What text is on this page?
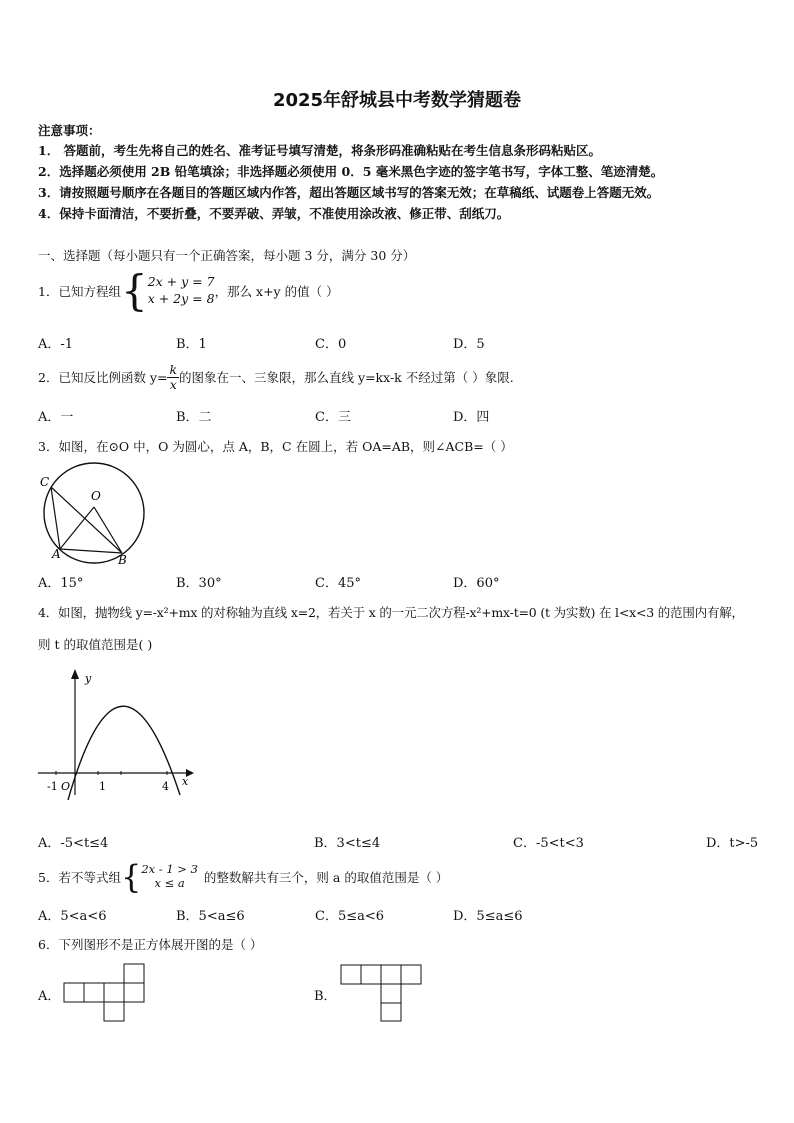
2025年舒城县中考数学猜题卷
注意事项：
1． 答题前，考生先将自己的姓名、准考证号填写清楚，将条形码准确粘贴在考生信息条形码粘贴区。
2．选择题必须使用 2B 铅笔填涂；非选择题必须使用 0．5 毫米黑色字迹的签字笔书写，字体工整、笔迹清楚。
3．请按照题号顺序在各题目的答题区域内作答，超出答题区域书写的答案无效；在草稿纸、试题卷上答题无效。
4．保持卡面清洁，不要折叠，不要弄破、弄皱，不准使用涂改液、修正带、刮纸刀。
一、选择题（每小题只有一个正确答案，每小题 3 分，满分 30 分）
1．已知方程组 { 2x + y = 7
x + 2y = 8 ，那么 x+y 的值（ ）
A．-1	B．1	C．0	D．5
2．已知反比例函数 $y= \frac{k}{x}$ 的图象在一、三象限，那么直线 y=kx-k 不经过第（ ）象限.
A．一	B．二	C．三	D．四
3．如图，在⊙O 中，O 为圆心，点 A，B，C 在圆上，若 OA=AB，则∠ACB=（ ）
C
O
A	B
A．15°	B．30°	C．45°	D．60°
4．如图，抛物线 y=-x²+mx 的对称轴为直线 x=2，若关于 x 的一元二次方程-x²+mx-t=0 (t 为实数) 在 l<x<3 的范围内有解，
则 t 的取值范围是( )
y
x
-1 O	1	4
A．-5<t≤4	B．3<t≤4	C．-5<t<3	D．t>-5
5．若不等式组 { 2x - 1 > 3
x ≤ a	的整数解共有三个，则 a 的取值范围是（ ）
A．5<a<6	B．5<a≤6	C．5≤a<6	D．5≤a≤6
6．下列图形不是正方体展开图的是（ ）
A．	B．
